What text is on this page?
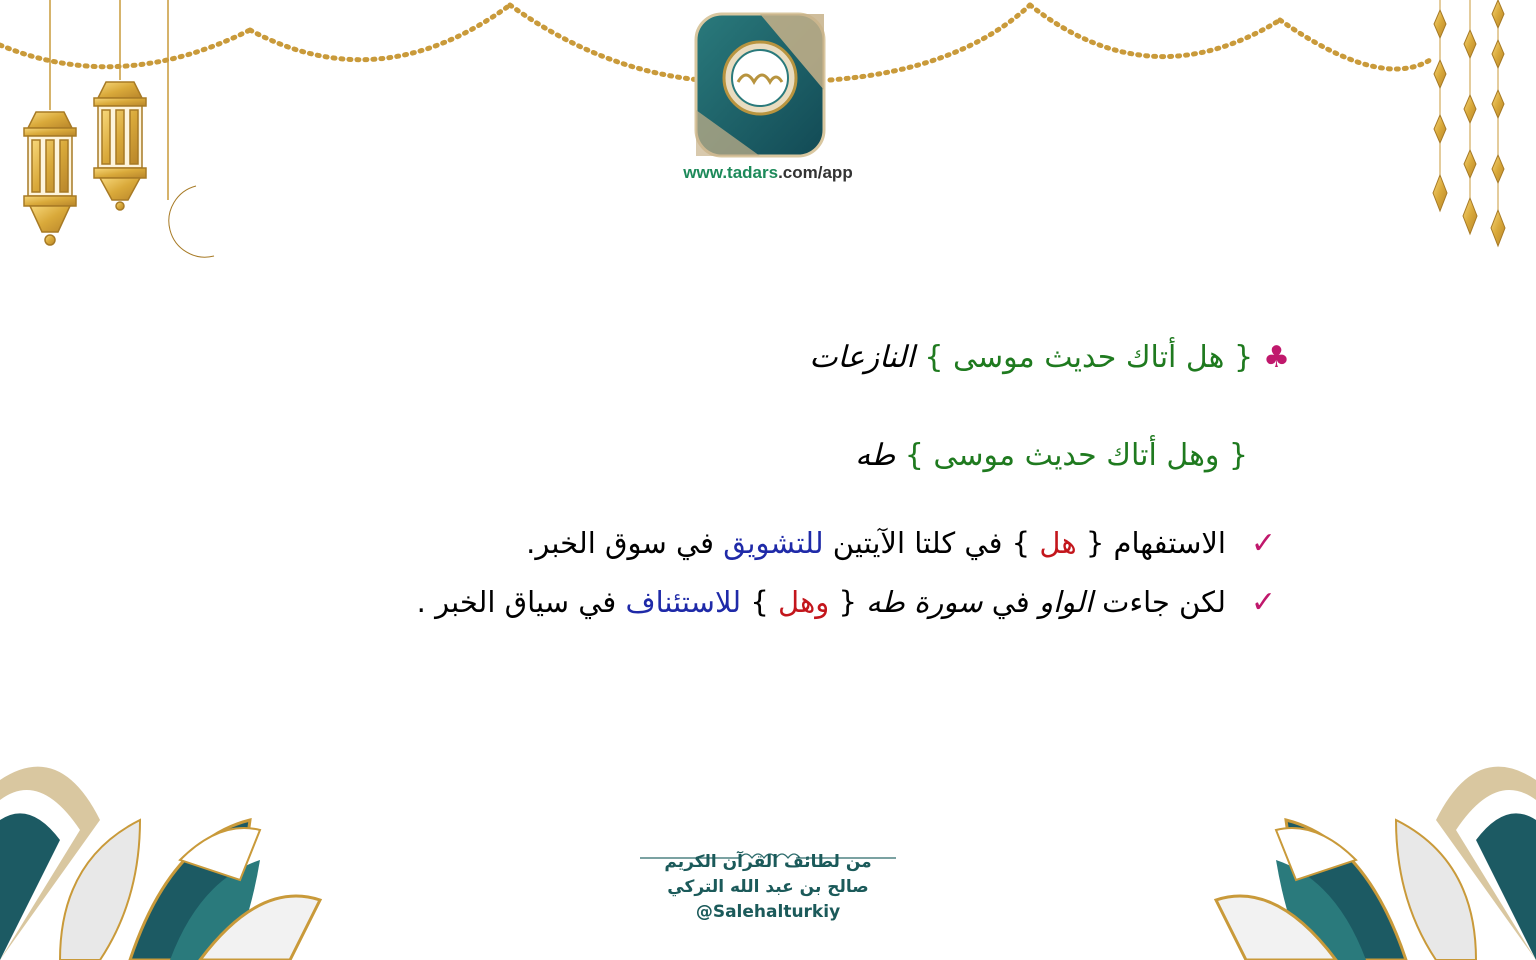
www.tadars.com/app
♣{ هل أتاك حديث موسى } النازعات
{ وهل أتاك حديث موسى } طه
✓
الاستفهام { هل } في كلتا الآيتين للتشويق في سوق الخبر.
✓
لكن جاءت الواو في سورة طه { وهل } للاستئناف في سياق الخبر .
من لطائف القرآن الكريم
صالح بن عبد الله التركي
@Salehalturkiy
